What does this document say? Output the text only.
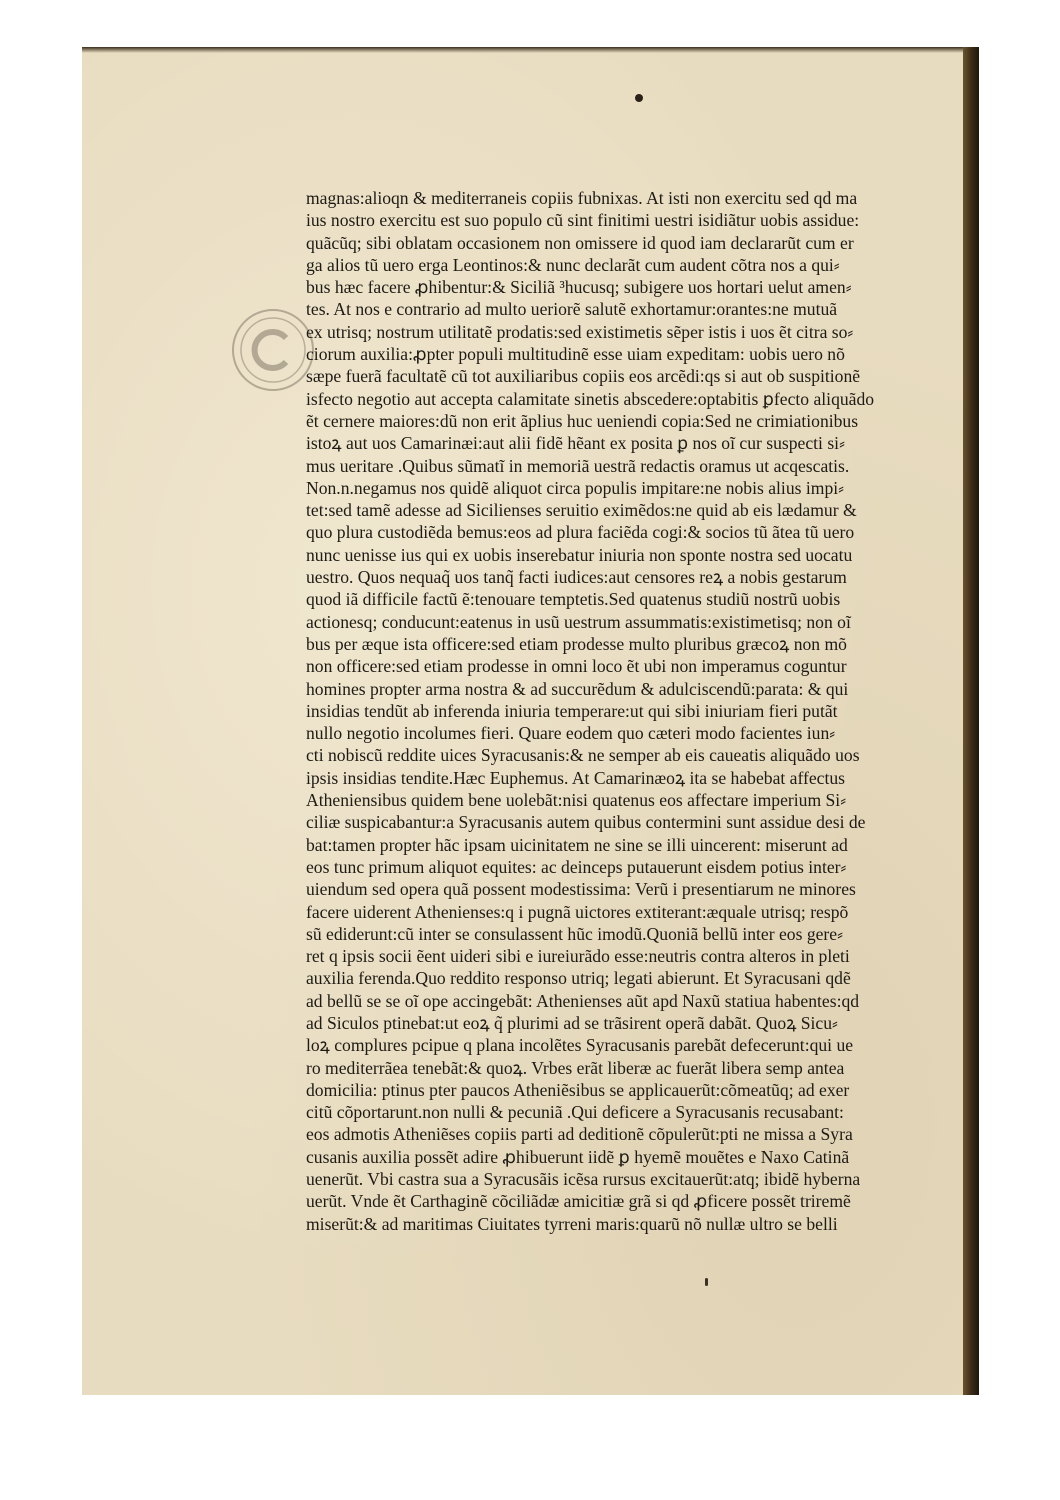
magnas:alioqn & mediterraneis copiis fubnixas. At isti non exercitu sed qd ma
ius nostro exercitu est suo populo cũ sint finitimi uestri isidiãtur uobis assidue:
quãcũq; sibi oblatam occasionem non omissere id quod iam declararũt cum er
ga alios tũ uero erga Leontinos:& nunc declarãt cum audent cõtra nos a qui⸗
bus hæc facere ꝓhibentur:& Siciliã ³hucusq; subigere uos hortari uelut amen⸗
tes. At nos e contrario ad multo ueriorẽ salutẽ exhortamur:orantes:ne mutuã
ex utrisq; nostrum utilitatẽ prodatis:sed existimetis sẽper istis i uos ẽt citra so⸗
ciorum auxilia:ꝓpter populi multitudinẽ esse uiam expeditam: uobis uero nõ
sæpe fuerã facultatẽ cũ tot auxiliaribus copiis eos arcẽdi:qs si aut ob suspitionẽ
isfecto negotio aut accepta calamitate sinetis abscedere:optabitis ꝑfecto aliquãdo
ẽt cernere maiores:dũ non erit ãplius huc ueniendi copia:Sed ne crimiationibus
istoꝝ aut uos Camarinæi:aut alii fidẽ hẽant ex posita ꝑ nos oĩ cur suspecti si⸗
mus ueritare .Quibus sũmatĩ in memoriã uestrã redactis oramus ut acqescatis.
Non.n.negamus nos quidẽ aliquot circa populis impitare:ne nobis alius impi⸗
tet:sed tamẽ adesse ad Sicilienses seruitio eximẽdos:ne quid ab eis lædamur &
quo plura custodiẽda bemus:eos ad plura faciẽda cogi:& socios tũ ãtea tũ uero
nunc uenisse ius qui ex uobis inserebatur iniuria non sponte nostra sed uocatu
uestro. Quos nequaq̃ uos tanq̃ facti iudices:aut censores reꝝ a nobis gestarum
quod iã difficile factũ ẽ:tenouare temptetis.Sed quatenus studiũ nostrũ uobis
actionesq; conducunt:eatenus in usũ uestrum assummatis:existimetisq; non oĩ
bus per æque ista officere:sed etiam prodesse multo pluribus græcoꝝ non mõ
non officere:sed etiam prodesse in omni loco ẽt ubi non imperamus coguntur
homines propter arma nostra & ad succurẽdum & adulciscendũ:parata: & qui
insidias tendũt ab inferenda iniuria temperare:ut qui sibi iniuriam fieri putãt
nullo negotio incolumes fieri. Quare eodem quo cæteri modo facientes iun⸗
cti nobiscũ reddite uices Syracusanis:& ne semper ab eis caueatis aliquãdo uos
ipsis insidias tendite.Hæc Euphemus. At Camarinæoꝝ ita se habebat affectus
Atheniensibus quidem bene uolebãt:nisi quatenus eos affectare imperium Si⸗
ciliæ suspicabantur:a Syracusanis autem quibus contermini sunt assidue desi de
bat:tamen propter hãc ipsam uicinitatem ne sine se illi uincerent: miserunt ad
eos tunc primum aliquot equites: ac deinceps putauerunt eisdem potius inter⸗
uiendum sed opera quã possent modestissima: Verũ i presentiarum ne minores
facere uiderent Athenienses:q i pugnã uictores extiterant:æquale utrisq; respõ
sũ ediderunt:cũ inter se consulassent hũc imodũ.Quoniã bellũ inter eos gere⸗
ret q ipsis socii ẽent uideri sibi e iureiurãdo esse:neutris contra alteros in pleti
auxilia ferenda.Quo reddito responso utriq; legati abierunt. Et Syracusani qdẽ
ad bellũ se se oĩ ope accingebãt: Athenienses aũt apd Naxũ statiua habentes:qd
ad Siculos ptinebat:ut eoꝝ q̃ plurimi ad se trãsirent operã dabãt. Quoꝝ Sicu⸗
loꝝ complures pcipue q plana incolẽtes Syracusanis parebãt defecerunt:qui ue
ro mediterrãea tenebãt:& quoꝝ. Vrbes erãt liberæ ac fuerãt libera semp antea
domicilia: ptinus pter paucos Atheniẽsibus se applicauerũt:cõmeatũq; ad exer
citũ cõportarunt.non nulli & pecuniã .Qui deficere a Syracusanis recusabant:
eos admotis Atheniẽses copiis parti ad deditionẽ cõpulerũt:pti ne missa a Syra
cusanis auxilia possẽt adire ꝓhibuerunt iidẽ ꝑ hyemẽ mouẽtes e Naxo Catinã
uenerũt. Vbi castra sua a Syracusãis icẽsa rursus excitauerũt:atq; ibidẽ hyberna
uerũt. Vnde ẽt Carthaginẽ cõciliãdæ amicitiæ grã si qd ꝓficere possẽt triremẽ
miserũt:& ad maritimas Ciuitates tyrreni maris:quarũ nõ nullæ ultro se belli
